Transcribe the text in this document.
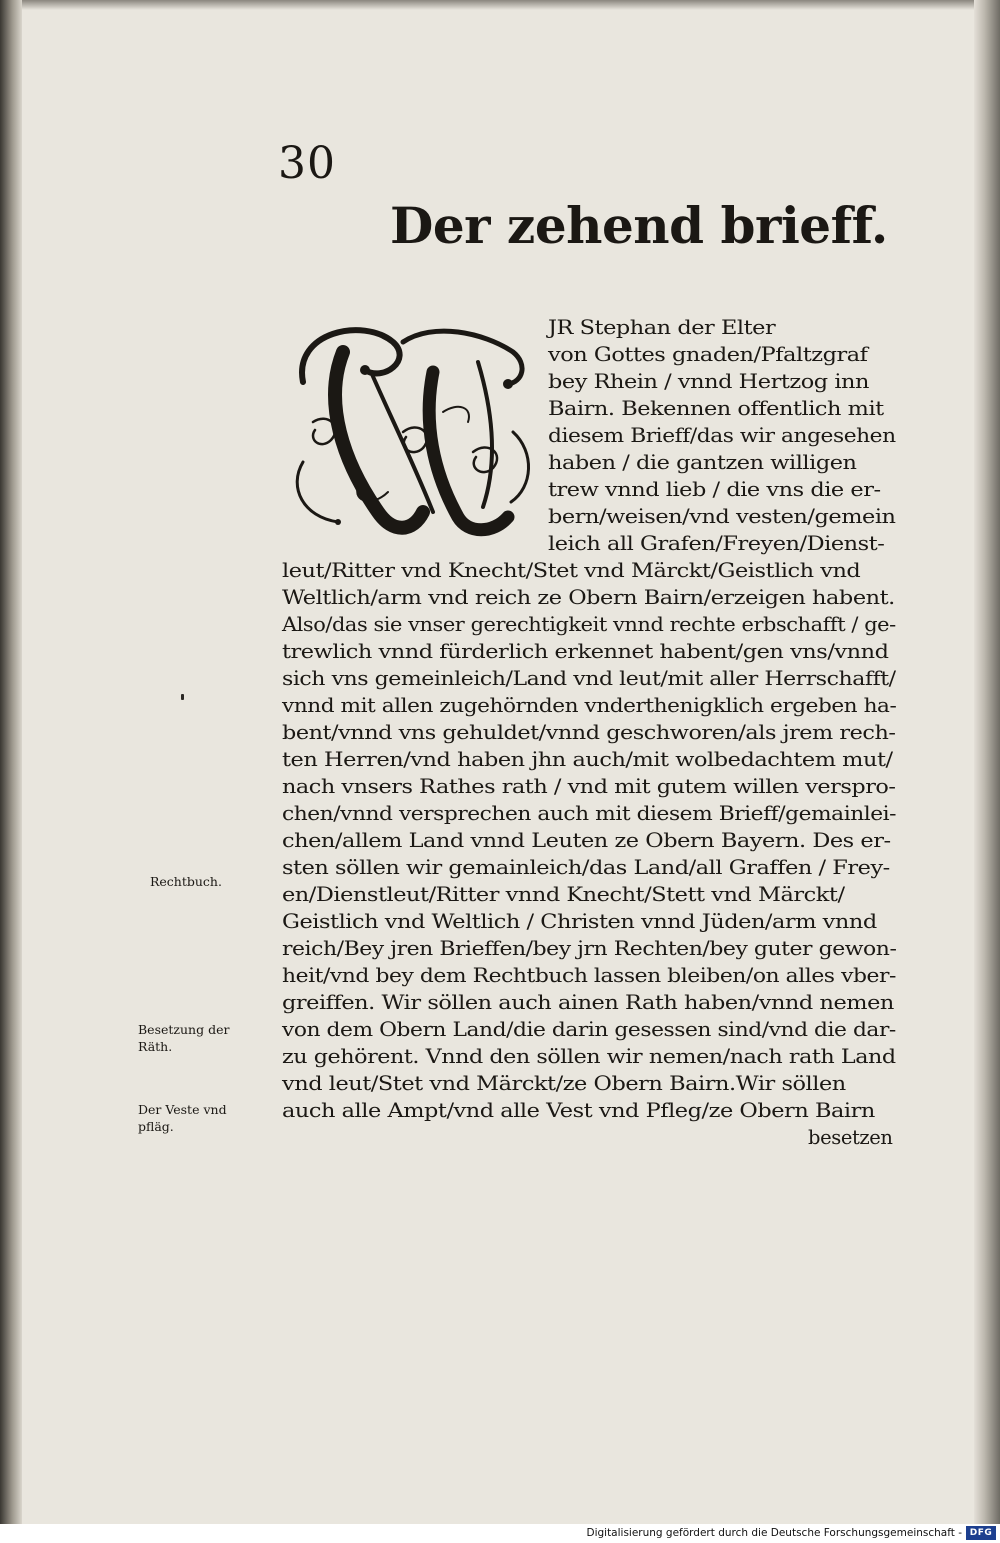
30
Der zehend brieff.
JR Stephan der Elter
von Gottes gnaden/Pfaltzgraf
bey Rhein / vnnd Hertzog inn
Bairn. Bekennen offentlich mit
diesem Brieff/das wir angesehen
haben / die gantzen willigen
trew vnnd lieb / die vns die er-
bern/weisen/vnd vesten/gemein
leich all Grafen/Freyen/Dienst-
leut/Ritter vnd Knecht/Stet vnd Märckt/Geistlich vnd
Weltlich/arm vnd reich ze Obern Bairn/erzeigen habent.
Also/das sie vnser gerechtigkeit vnnd rechte erbschafft / ge-
trewlich vnnd fürderlich erkennet habent/gen vns/vnnd
sich vns gemeinleich/Land vnd leut/mit aller Herrschafft/
vnnd mit allen zugehörnden vnderthenigklich ergeben ha-
bent/vnnd vns gehuldet/vnnd geschworen/als jrem rech-
ten Herren/vnd haben jhn auch/mit wolbedachtem mut/
nach vnsers Rathes rath / vnd mit gutem willen verspro-
chen/vnnd versprechen auch mit diesem Brieff/gemainlei-
chen/allem Land vnnd Leuten ze Obern Bayern. Des er-
sten söllen wir gemainleich/das Land/all Graffen / Frey-
en/Dienstleut/Ritter vnnd Knecht/Stett vnd Märckt/
Geistlich vnd Weltlich / Christen vnnd Jüden/arm vnnd
reich/Bey jren Brieffen/bey jrn Rechten/bey guter gewon-
heit/vnd bey dem Rechtbuch lassen bleiben/on alles vber-
greiffen. Wir söllen auch ainen Rath haben/vnnd nemen
von dem Obern Land/die darin gesessen sind/vnd die dar-
zu gehörent. Vnnd den söllen wir nemen/nach rath Land
vnd leut/Stet vnd Märckt/ze Obern Bairn.Wir söllen
auch alle Ampt/vnd alle Vest vnd Pfleg/ze Obern Bairn
besetzen
Rechtbuch.
Besetzung der
Räth.
Der Veste vnd
pfläg.
Digitalisierung gefördert durch die Deutsche Forschungsgemeinschaft - DFG
